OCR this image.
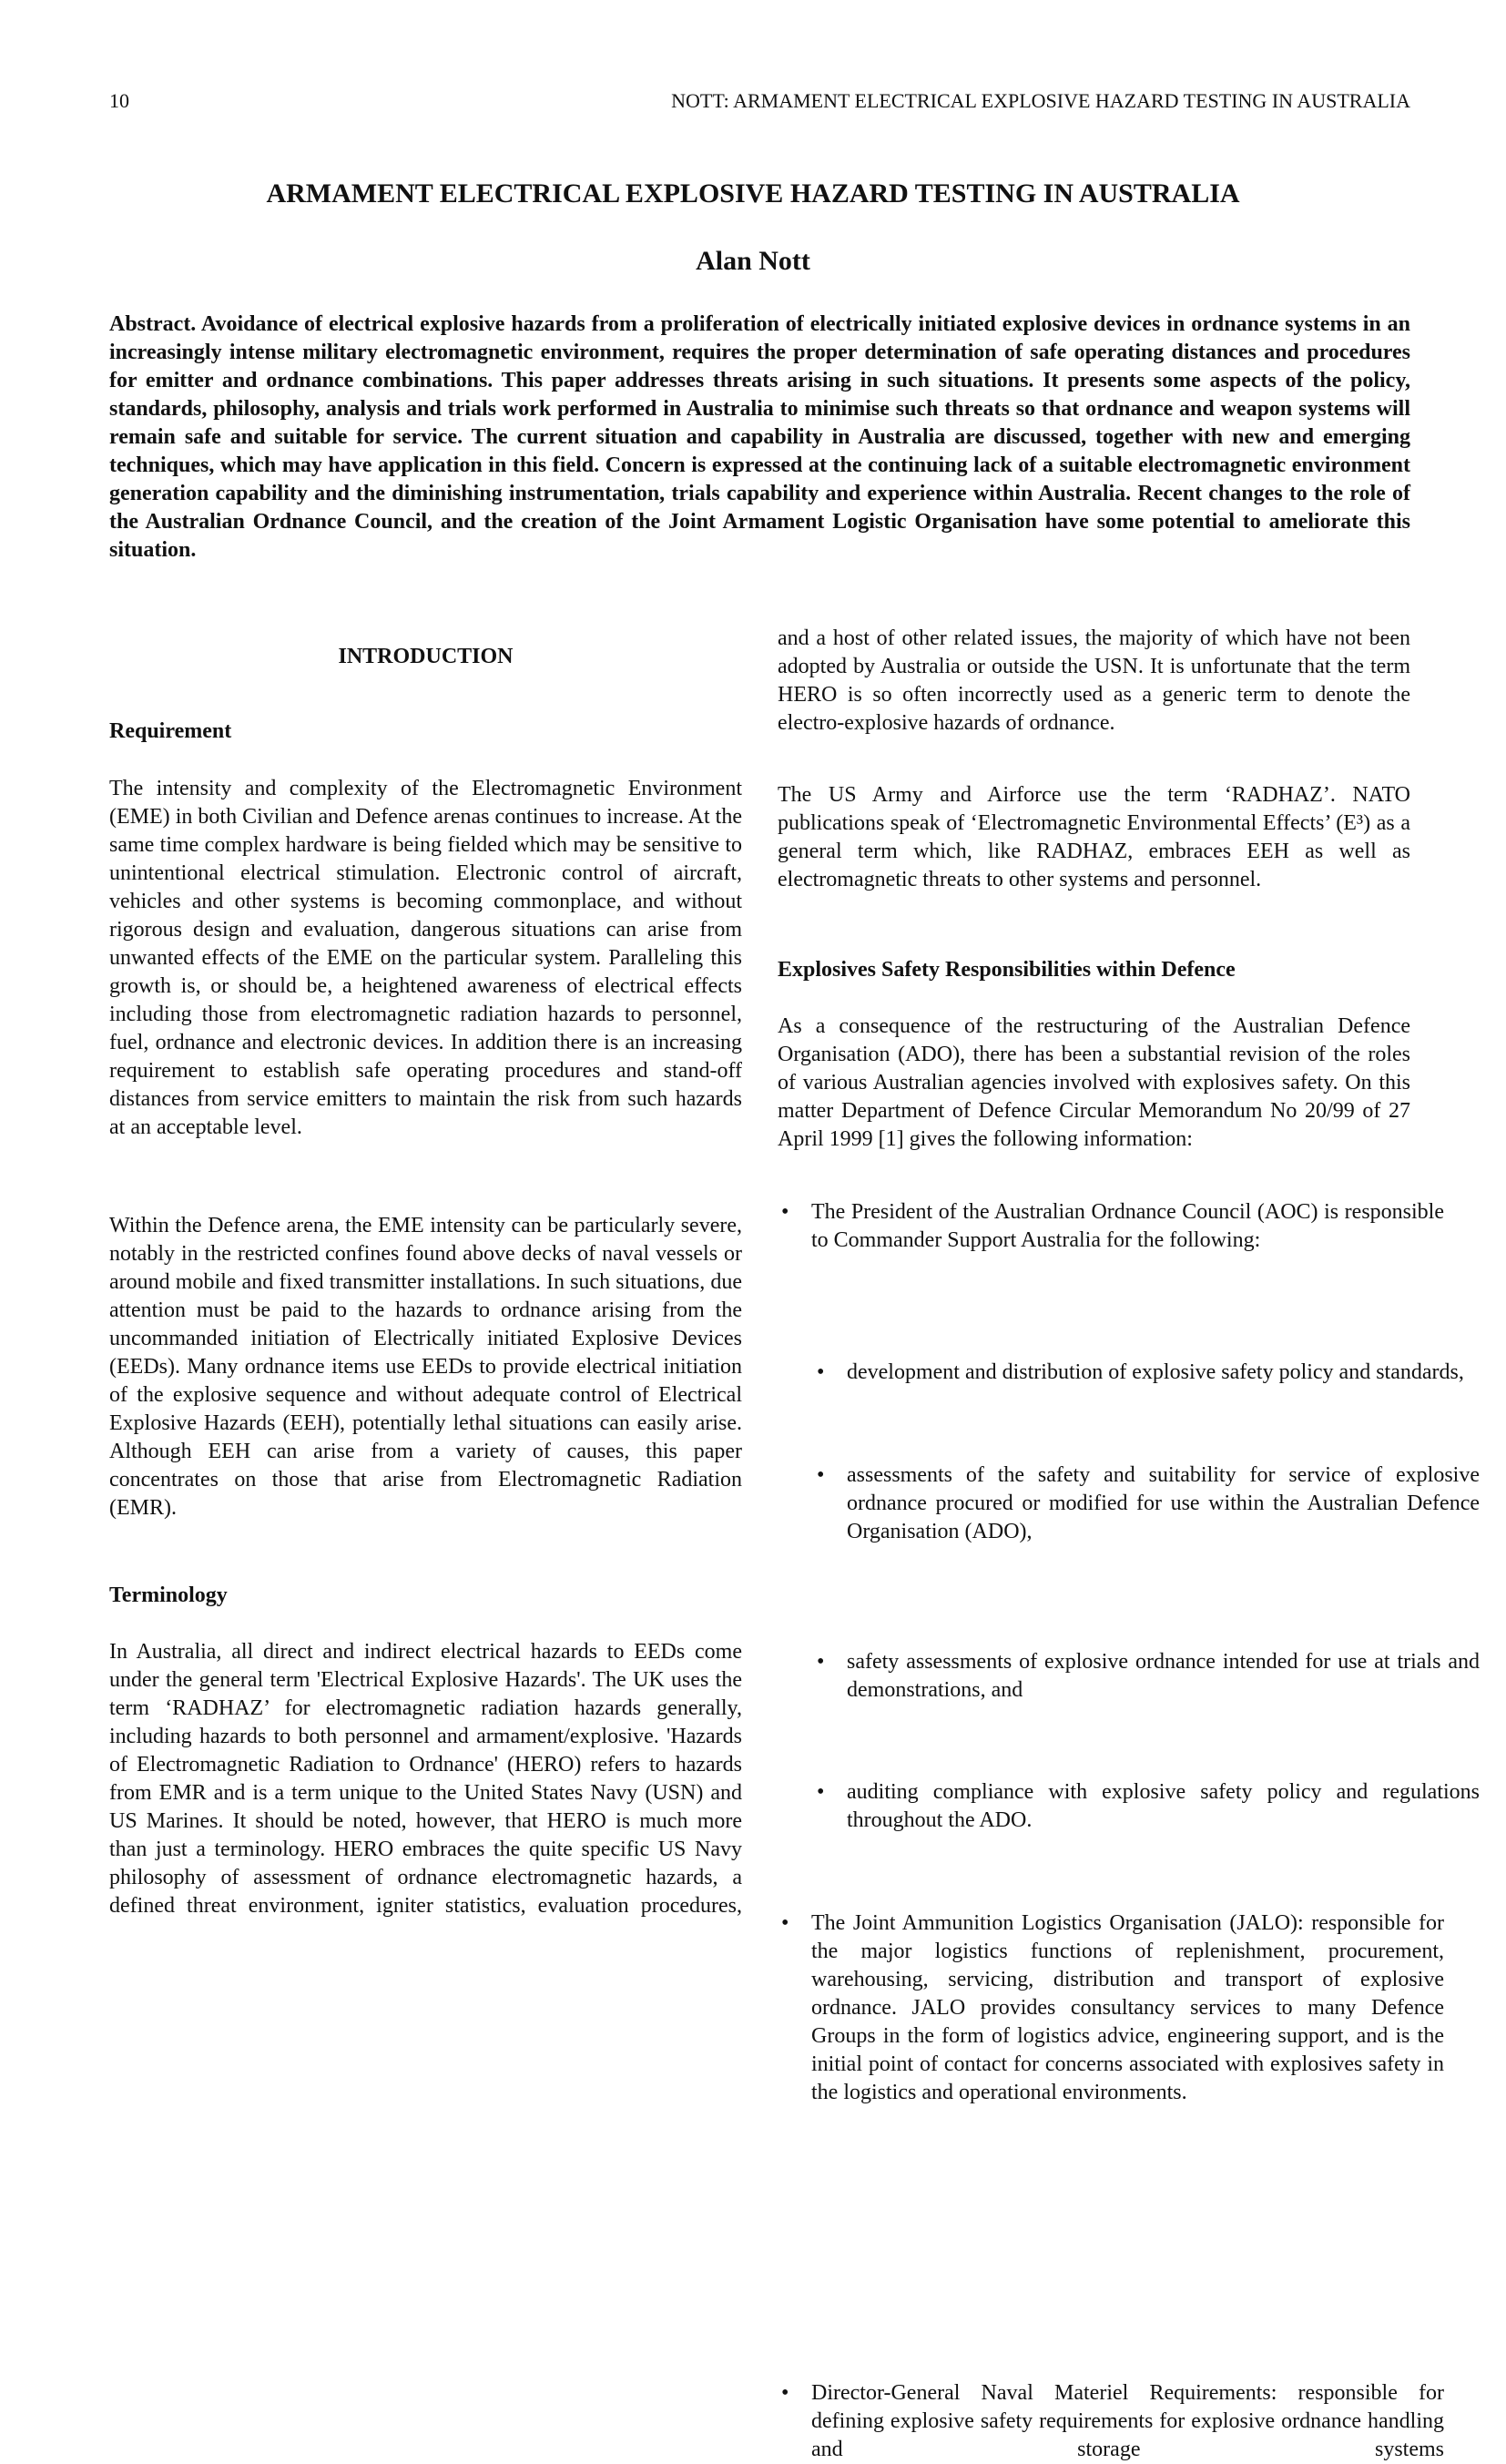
10	NOTT: ARMAMENT ELECTRICAL EXPLOSIVE HAZARD TESTING IN AUSTRALIA
ARMAMENT ELECTRICAL EXPLOSIVE HAZARD TESTING IN AUSTRALIA
Alan Nott

Abstract. Avoidance of electrical explosive hazards from a proliferation of electrically initiated explosive devices in ordnance systems in an increasingly intense military electromagnetic environment, requires the proper determination of safe operating distances and procedures for emitter and ordnance combinations. This paper addresses threats arising in such situations. It presents some aspects of the policy, standards, philosophy, analysis and trials work performed in Australia to minimise such threats so that ordnance and weapon systems will remain safe and suitable for service. The current situation and capability in Australia are discussed, together with new and emerging techniques, which may have application in this field. Concern is expressed at the continuing lack of a suitable electromagnetic environment generation capability and the diminishing instrumentation, trials capability and experience within Australia. Recent changes to the role of the Australian Ordnance Council, and the creation of the Joint Armament Logistic Organisation have some potential to ameliorate this situation.

INTRODUCTION
Requirement

The intensity and complexity of the Electromagnetic Environment (EME) in both Civilian and Defence arenas continues to increase. At the same time complex hardware is being fielded which may be sensitive to unintentional electrical stimulation. Electronic control of aircraft, vehicles and other systems is becoming commonplace, and without rigorous design and evaluation, dangerous situations can arise from unwanted effects of the EME on the particular system. Paralleling this growth is, or should be, a heightened awareness of electrical effects including those from electromagnetic radiation hazards to personnel, fuel, ordnance and electronic devices. In addition there is an increasing requirement to establish safe operating procedures and stand-off distances from service emitters to maintain the risk from such hazards at an acceptable level.

Within the Defence arena, the EME intensity can be particularly severe, notably in the restricted confines found above decks of naval vessels or around mobile and fixed transmitter installations. In such situations, due attention must be paid to the hazards to ordnance arising from the uncommanded initiation of Electrically initiated Explosive Devices (EEDs). Many ordnance items use EEDs to provide electrical initiation of the explosive sequence and without adequate control of Electrical Explosive Hazards (EEH), potentially lethal situations can easily arise. Although EEH can arise from a variety of causes, this paper concentrates on those that arise from Electromagnetic Radiation (EMR).

Terminology

In Australia, all direct and indirect electrical hazards to EEDs come under the general term 'Electrical Explosive Hazards'. The UK uses the term ‘RADHAZ’ for electromagnetic radiation hazards generally, including hazards to both personnel and armament/explosive. 'Hazards of Electromagnetic Radiation to Ordnance' (HERO) refers to hazards from EMR and is a term unique to the United States Navy (USN) and US Marines. It should be noted, however, that HERO is much more than just a terminology. HERO embraces the quite specific US Navy philosophy of assessment of ordnance electromagnetic hazards, a defined threat environment, igniter statistics, evaluation procedures,

and a host of other related issues, the majority of which have not been adopted by Australia or outside the USN. It is unfortunate that the term HERO is so often incorrectly used as a generic term to denote the electro-explosive hazards of ordnance.

The US Army and Airforce use the term ‘RADHAZ’. NATO publications speak of ‘Electromagnetic Environmental Effects’ (E³) as a general term which, like RADHAZ, embraces EEH as well as electromagnetic threats to other systems and personnel.

Explosives Safety Responsibilities within Defence

As a consequence of the restructuring of the Australian Defence Organisation (ADO), there has been a substantial revision of the roles of various Australian agencies involved with explosives safety. On this matter Department of Defence Circular Memorandum No 20/99 of 27 April 1999 [1] gives the following information:

• The President of the Australian Ordnance Council (AOC) is responsible to Commander Support Australia for the following:
• development and distribution of explosive safety policy and standards,
• assessments of the safety and suitability for service of explosive ordnance procured or modified for use within the Australian Defence Organisation (ADO),
• safety assessments of explosive ordnance intended for use at trials and demonstrations, and
• auditing compliance with explosive safety policy and regulations throughout the ADO.
• The Joint Ammunition Logistics Organisation (JALO): responsible for the major logistics functions of replenishment, procurement, warehousing, servicing, distribution and transport of explosive ordnance. JALO provides consultancy services to many Defence Groups in the form of logistics advice, engineering support, and is the initial point of contact for concerns associated with explosives safety in the logistics and operational environments.
• Director-General Naval Materiel Requirements: responsible for defining explosive safety requirements for explosive ordnance handling and storage systems
